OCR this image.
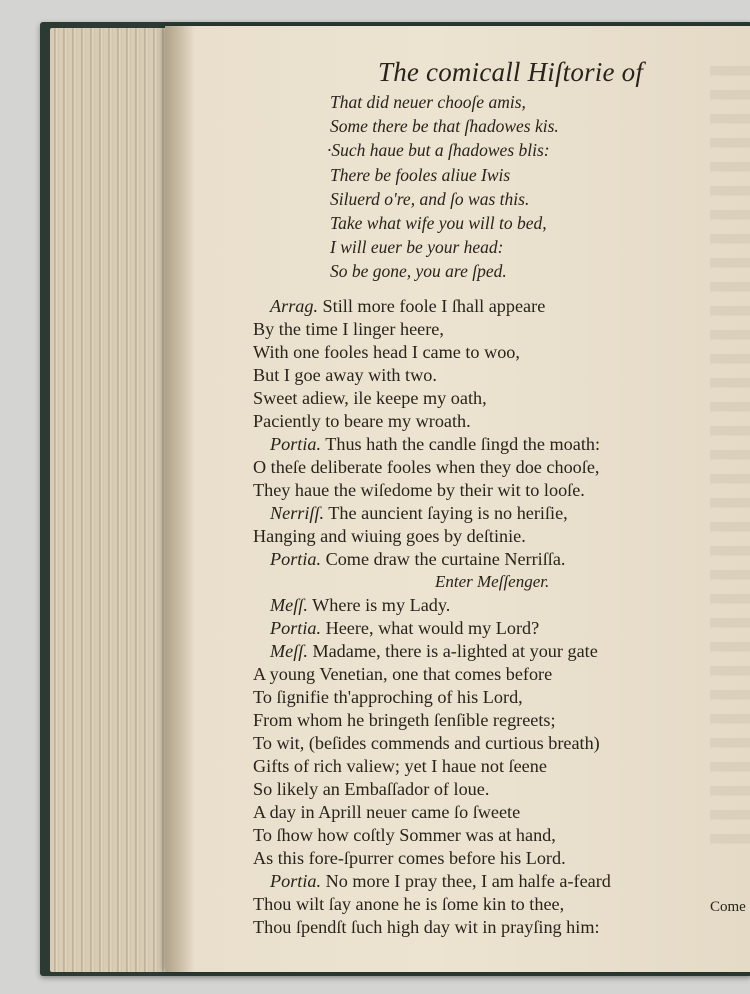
The comicall Hiſtorie of
That did neuer chooſe amis,
Some there be that ſhadowes kis.
·Such haue but a ſhadowes blis:
There be fooles aliue Iwis
Siluerd o're, and ſo was this.
Take what wife you will to bed,
I will euer be your head:
So be gone, you are ſped.
Arrag. Still more foole I ſhall appeare
By the time I linger heere,
With one fooles head I came to woo,
But I goe away with two.
Sweet adiew, ile keepe my oath,
Paciently to beare my wroath.
Portia. Thus hath the candle ſingd the moath:
O theſe deliberate fooles when they doe chooſe,
They haue the wiſedome by their wit to looſe.
Nerriſſ. The auncient ſaying is no heriſie,
Hanging and wiuing goes by deſtinie.
Portia. Come draw the curtaine Nerriſſa.
Enter Meſſenger.
Meſſ. Where is my Lady.
Portia. Heere, what would my Lord?
Meſſ. Madame, there is a-lighted at your gate
A young Venetian, one that comes before
To ſignifie th'approching of his Lord,
From whom he bringeth ſenſible regreets;
To wit, (beſides commends and curtious breath)
Gifts of rich valiew; yet I haue not ſeene
So likely an Embaſſador of loue.
A day in Aprill neuer came ſo ſweete
To ſhow how coſtly Sommer was at hand,
As this fore-ſpurrer comes before his Lord.
Portia. No more I pray thee, I am halfe a-feard
Thou wilt ſay anone he is ſome kin to thee,
Thou ſpendſt ſuch high day wit in prayſing him:
Come
